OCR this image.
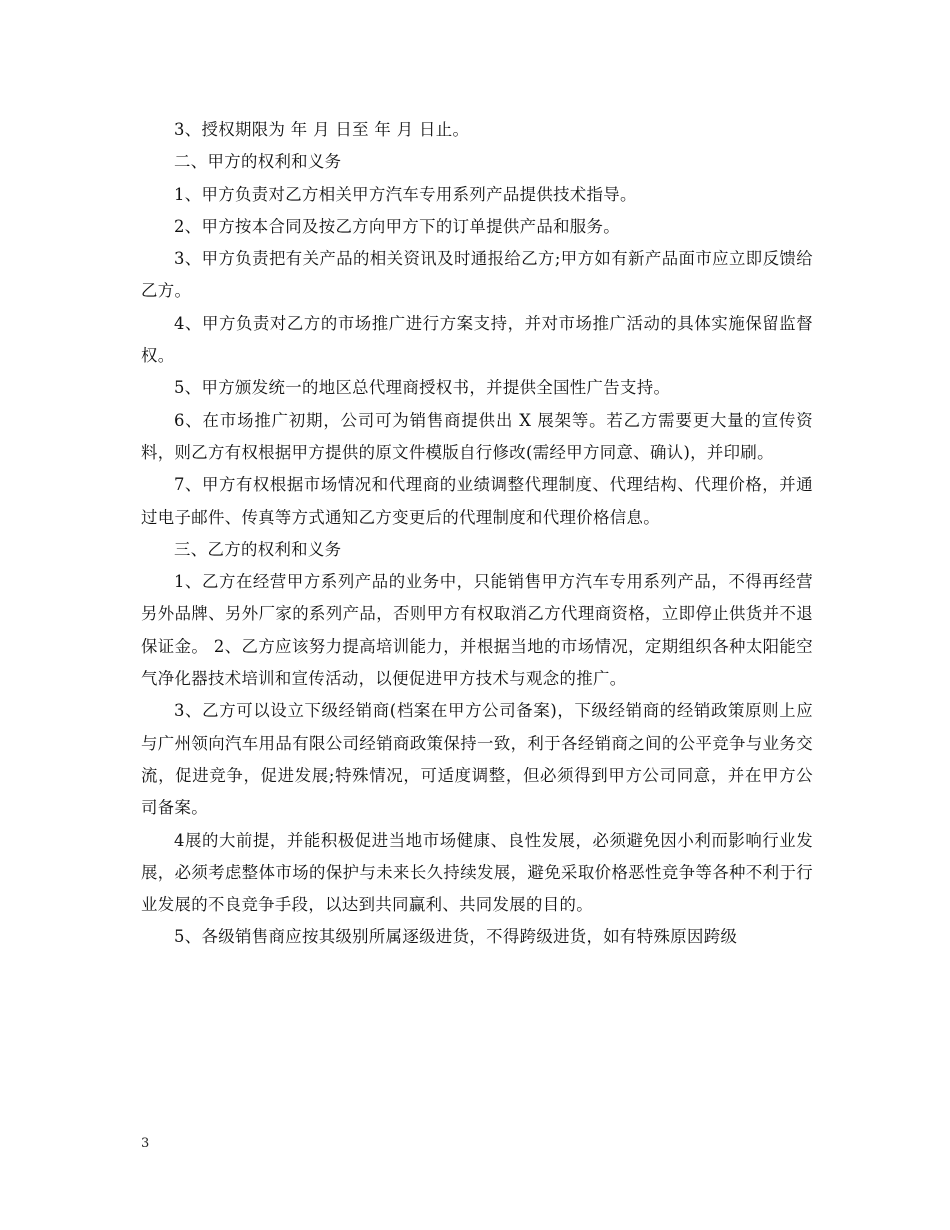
3、授权期限为 年 月 日至 年 月 日止。

二、甲方的权利和义务

1、甲方负责对乙方相关甲方汽车专用系列产品提供技术指导。

2、甲方按本合同及按乙方向甲方下的订单提供产品和服务。

3、甲方负责把有关产品的相关资讯及时通报给乙方;甲方如有新产品面市应立即反馈给乙方。

4、甲方负责对乙方的市场推广进行方案支持，并对市场推广活动的具体实施保留监督权。

5、甲方颁发统一的地区总代理商授权书，并提供全国性广告支持。

6、在市场推广初期，公司可为销售商提供出 X 展架等。若乙方需要更大量的宣传资料，则乙方有权根据甲方提供的原文件模版自行修改(需经甲方同意、确认)，并印刷。

7、甲方有权根据市场情况和代理商的业绩调整代理制度、代理结构、代理价格，并通过电子邮件、传真等方式通知乙方变更后的代理制度和代理价格信息。

三、乙方的权利和义务

1、乙方在经营甲方系列产品的业务中，只能销售甲方汽车专用系列产品，不得再经营另外品牌、另外厂家的系列产品，否则甲方有权取消乙方代理商资格，立即停止供货并不退保证金。 2、乙方应该努力提高培训能力，并根据当地的市场情况，定期组织各种太阳能空气净化器技术培训和宣传活动，以便促进甲方技术与观念的推广。

3、乙方可以设立下级经销商(档案在甲方公司备案)，下级经销商的经销政策原则上应与广州领向汽车用品有限公司经销商政策保持一致，利于各经销商之间的公平竞争与业务交流，促进竞争，促进发展;特殊情况，可适度调整，但必须得到甲方公司同意，并在甲方公司备案。

4展的大前提，并能积极促进当地市场健康、良性发展，必须避免因小利而影响行业发展，必须考虑整体市场的保护与未来长久持续发展，避免采取价格恶性竞争等各种不利于行业发展的不良竞争手段，以达到共同赢利、共同发展的目的。

5、各级销售商应按其级别所属逐级进货，不得跨级进货，如有特殊原因跨级

3
